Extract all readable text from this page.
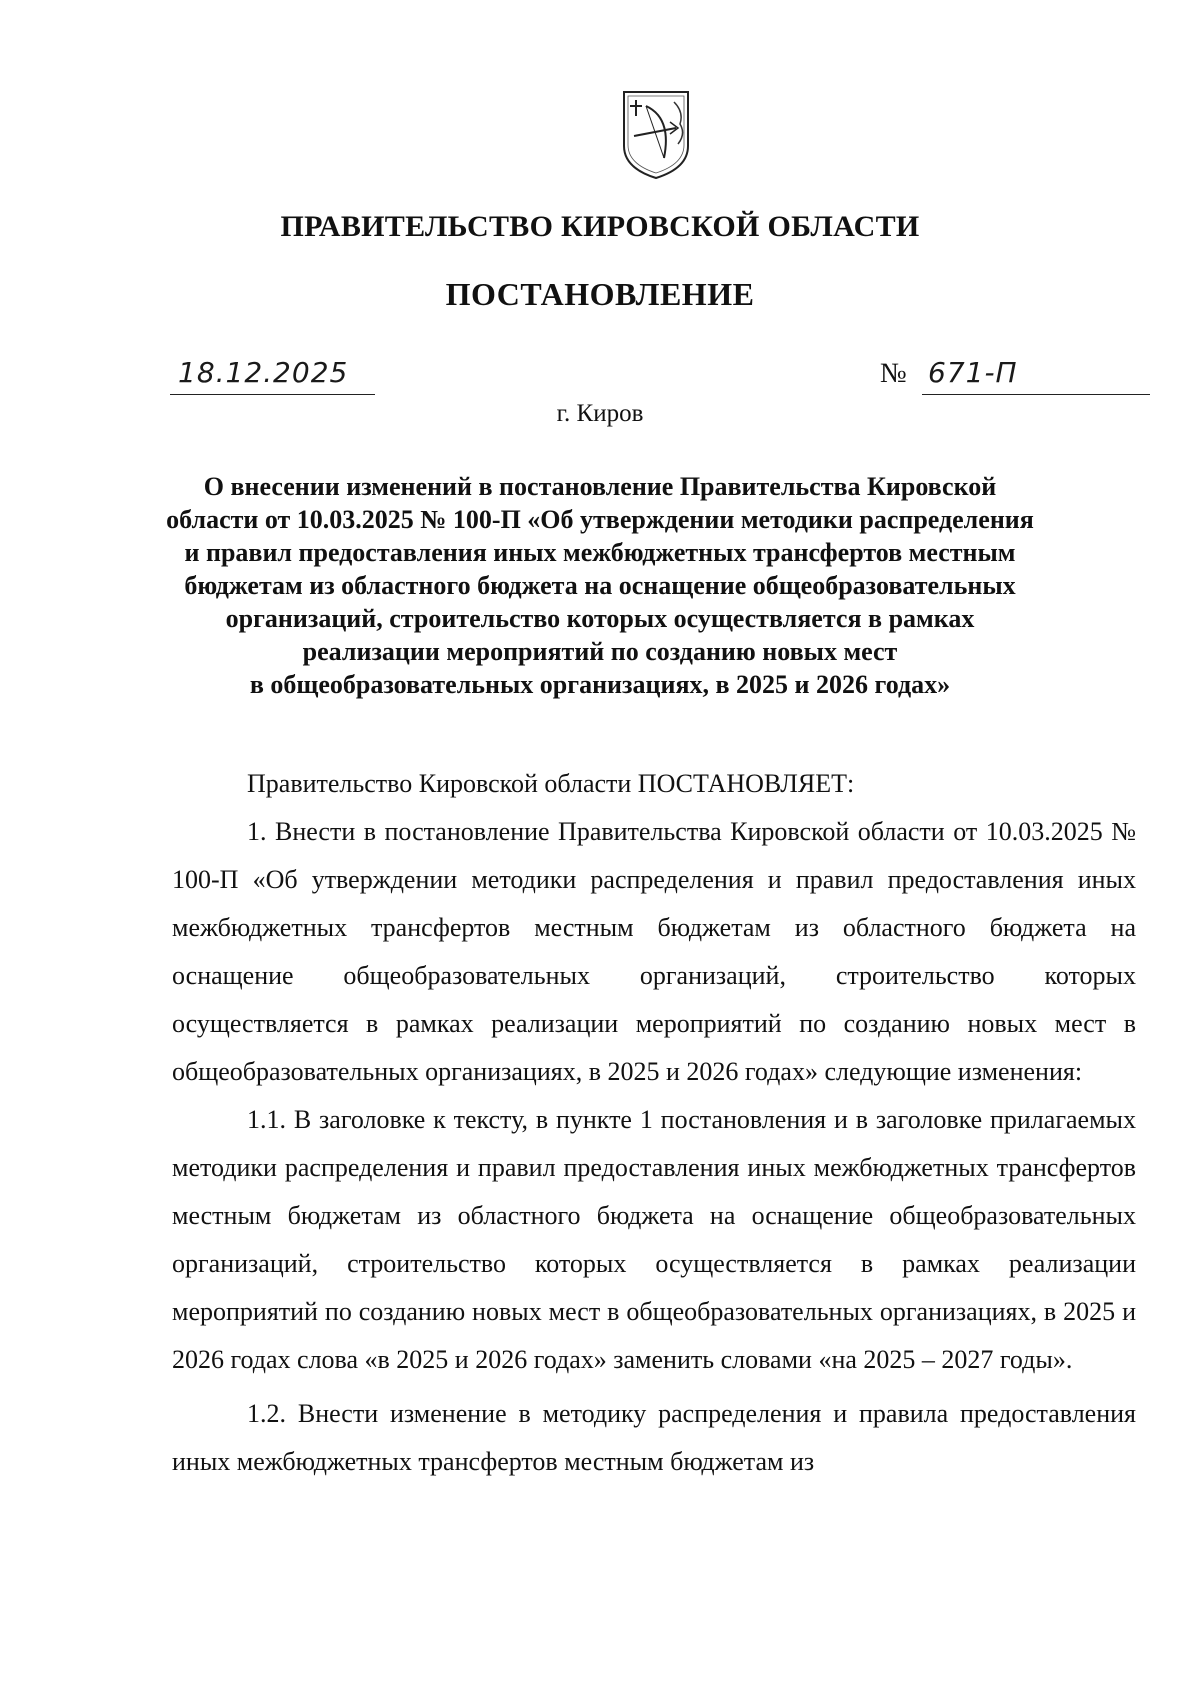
ПРАВИТЕЛЬСТВО КИРОВСКОЙ ОБЛАСТИ
ПОСТАНОВЛЕНИЕ
18.12.2025	№ 671-П
г. Киров
О внесении изменений в постановление Правительства Кировской
области от 10.03.2025 № 100-П «Об утверждении методики распределения
и правил предоставления иных межбюджетных трансфертов местным
бюджетам из областного бюджета на оснащение общеобразовательных
организаций, строительство которых осуществляется в рамках
реализации мероприятий по созданию новых мест
в общеобразовательных организациях, в 2025 и 2026 годах»

Правительство Кировской области ПОСТАНОВЛЯЕТ:

1. Внести в постановление Правительства Кировской области от 10.03.2025 № 100-П «Об утверждении методики распределения и правил предоставления иных межбюджетных трансфертов местным бюджетам из областного бюджета на оснащение общеобразовательных организаций, строительство которых осуществляется в рамках реализации мероприятий по созданию новых мест в общеобразовательных организациях, в 2025 и 2026 годах» следующие изменения:

1.1. В заголовке к тексту, в пункте 1 постановления и в заголовке прилагаемых методики распределения и правил предоставления иных межбюджетных трансфертов местным бюджетам из областного бюджета на оснащение общеобразовательных организаций, строительство которых осуществляется в рамках реализации мероприятий по созданию новых мест в общеобразовательных организациях, в 2025 и 2026 годах слова «в 2025 и 2026 годах» заменить словами «на 2025 – 2027 годы».

1.2. Внести изменение в методику распределения и правила предоставления иных межбюджетных трансфертов местным бюджетам из
